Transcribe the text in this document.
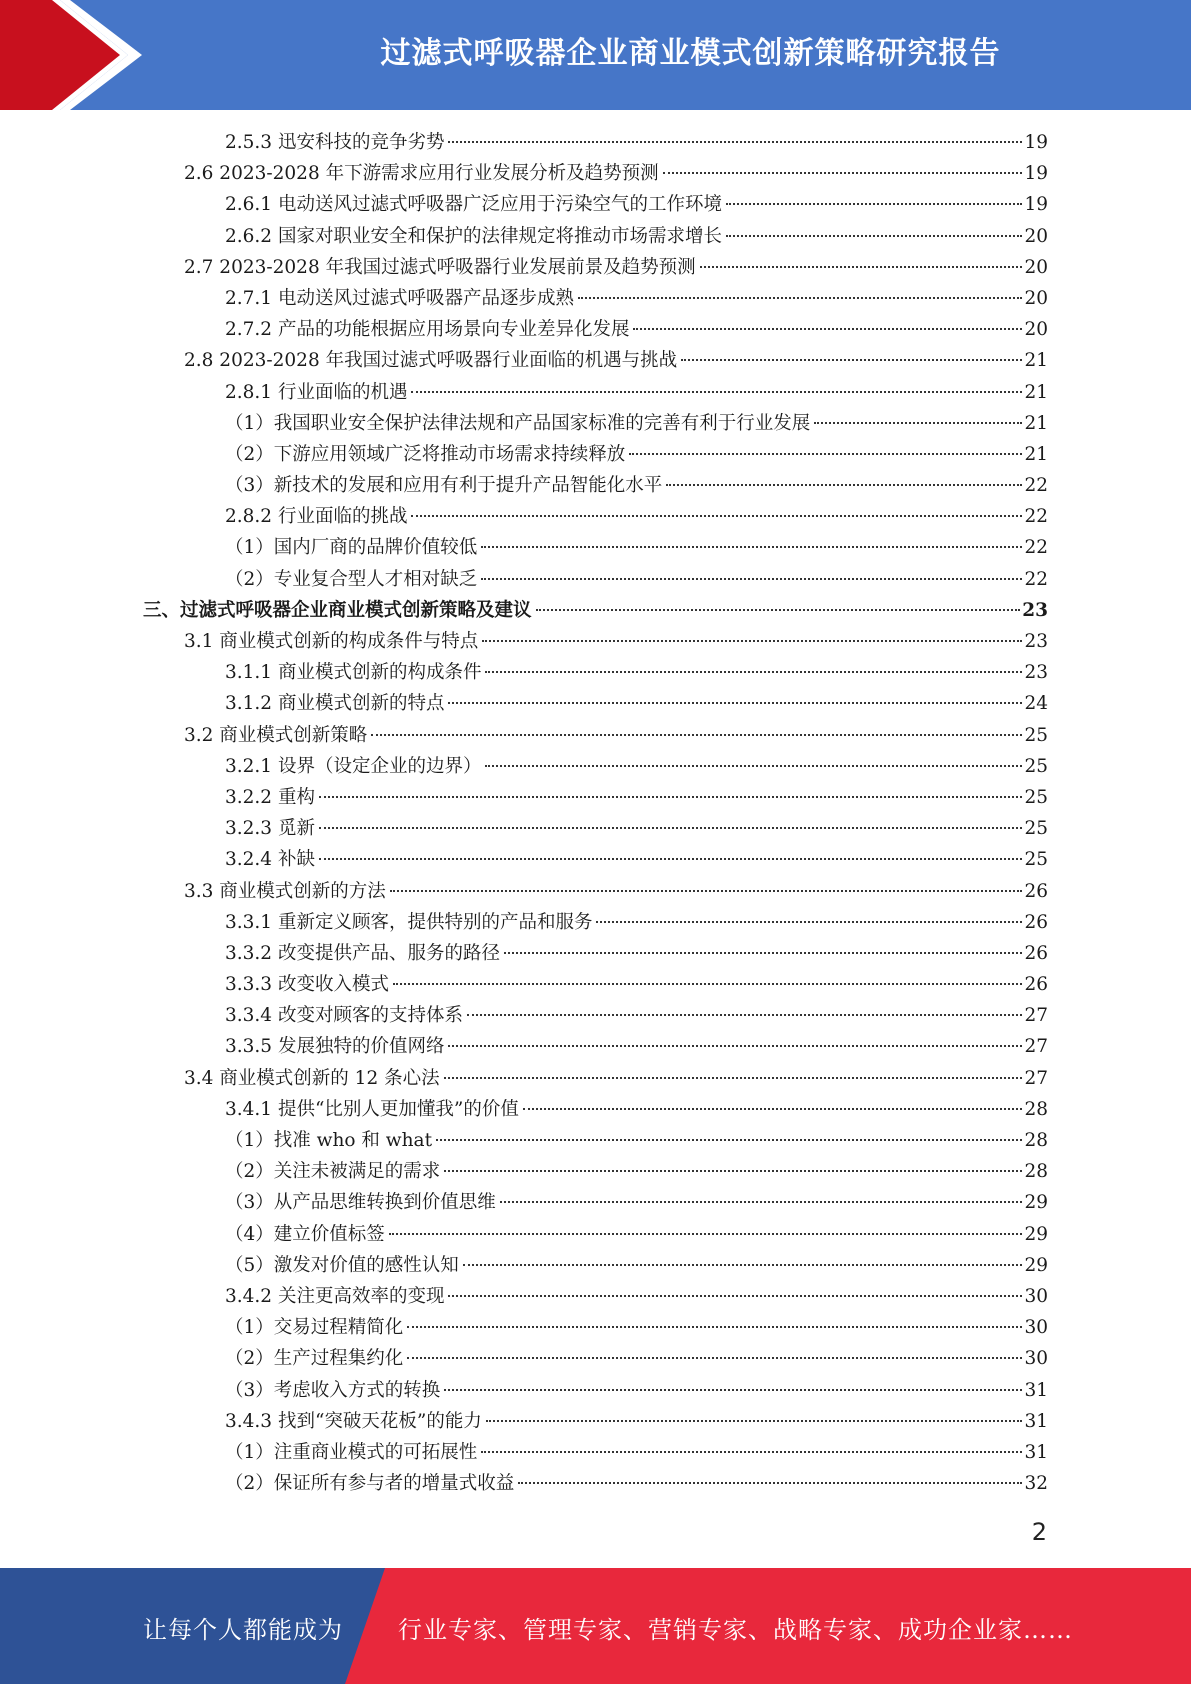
过滤式呼吸器企业商业模式创新策略研究报告
2.5.3 迅安科技的竞争劣势	19
2.6 2023-2028 年下游需求应用行业发展分析及趋势预测	19
2.6.1 电动送风过滤式呼吸器广泛应用于污染空气的工作环境	19
2.6.2 国家对职业安全和保护的法律规定将推动市场需求增长	20
2.7 2023-2028 年我国过滤式呼吸器行业发展前景及趋势预测	20
2.7.1 电动送风过滤式呼吸器产品逐步成熟	20
2.7.2 产品的功能根据应用场景向专业差异化发展	20
2.8 2023-2028 年我国过滤式呼吸器行业面临的机遇与挑战	21
2.8.1 行业面临的机遇	21
（1）我国职业安全保护法律法规和产品国家标准的完善有利于行业发展	21
（2）下游应用领域广泛将推动市场需求持续释放	21
（3）新技术的发展和应用有利于提升产品智能化水平	22
2.8.2 行业面临的挑战	22
（1）国内厂商的品牌价值较低	22
（2）专业复合型人才相对缺乏	22
三、过滤式呼吸器企业商业模式创新策略及建议	23
3.1 商业模式创新的构成条件与特点	23
3.1.1 商业模式创新的构成条件	23
3.1.2 商业模式创新的特点	24
3.2 商业模式创新策略	25
3.2.1 设界（设定企业的边界）	25
3.2.2 重构	25
3.2.3 觅新	25
3.2.4 补缺	25
3.3 商业模式创新的方法	26
3.3.1 重新定义顾客，提供特别的产品和服务	26
3.3.2 改变提供产品、服务的路径	26
3.3.3 改变收入模式	26
3.3.4 改变对顾客的支持体系	27
3.3.5 发展独特的价值网络	27
3.4 商业模式创新的 12 条心法	27
3.4.1 提供“比别人更加懂我”的价值	28
（1）找准 who 和 what	28
（2）关注未被满足的需求	28
（3）从产品思维转换到价值思维	29
（4）建立价值标签	29
（5）激发对价值的感性认知	29
3.4.2 关注更高效率的变现	30
（1）交易过程精简化	30
（2）生产过程集约化	30
（3）考虑收入方式的转换	31
3.4.3 找到“突破天花板”的能力	31
（1）注重商业模式的可拓展性	31
（2）保证所有参与者的增量式收益	32
2
让每个人都能成为 行业专家、管理专家、营销专家、战略专家、成功企业家……
